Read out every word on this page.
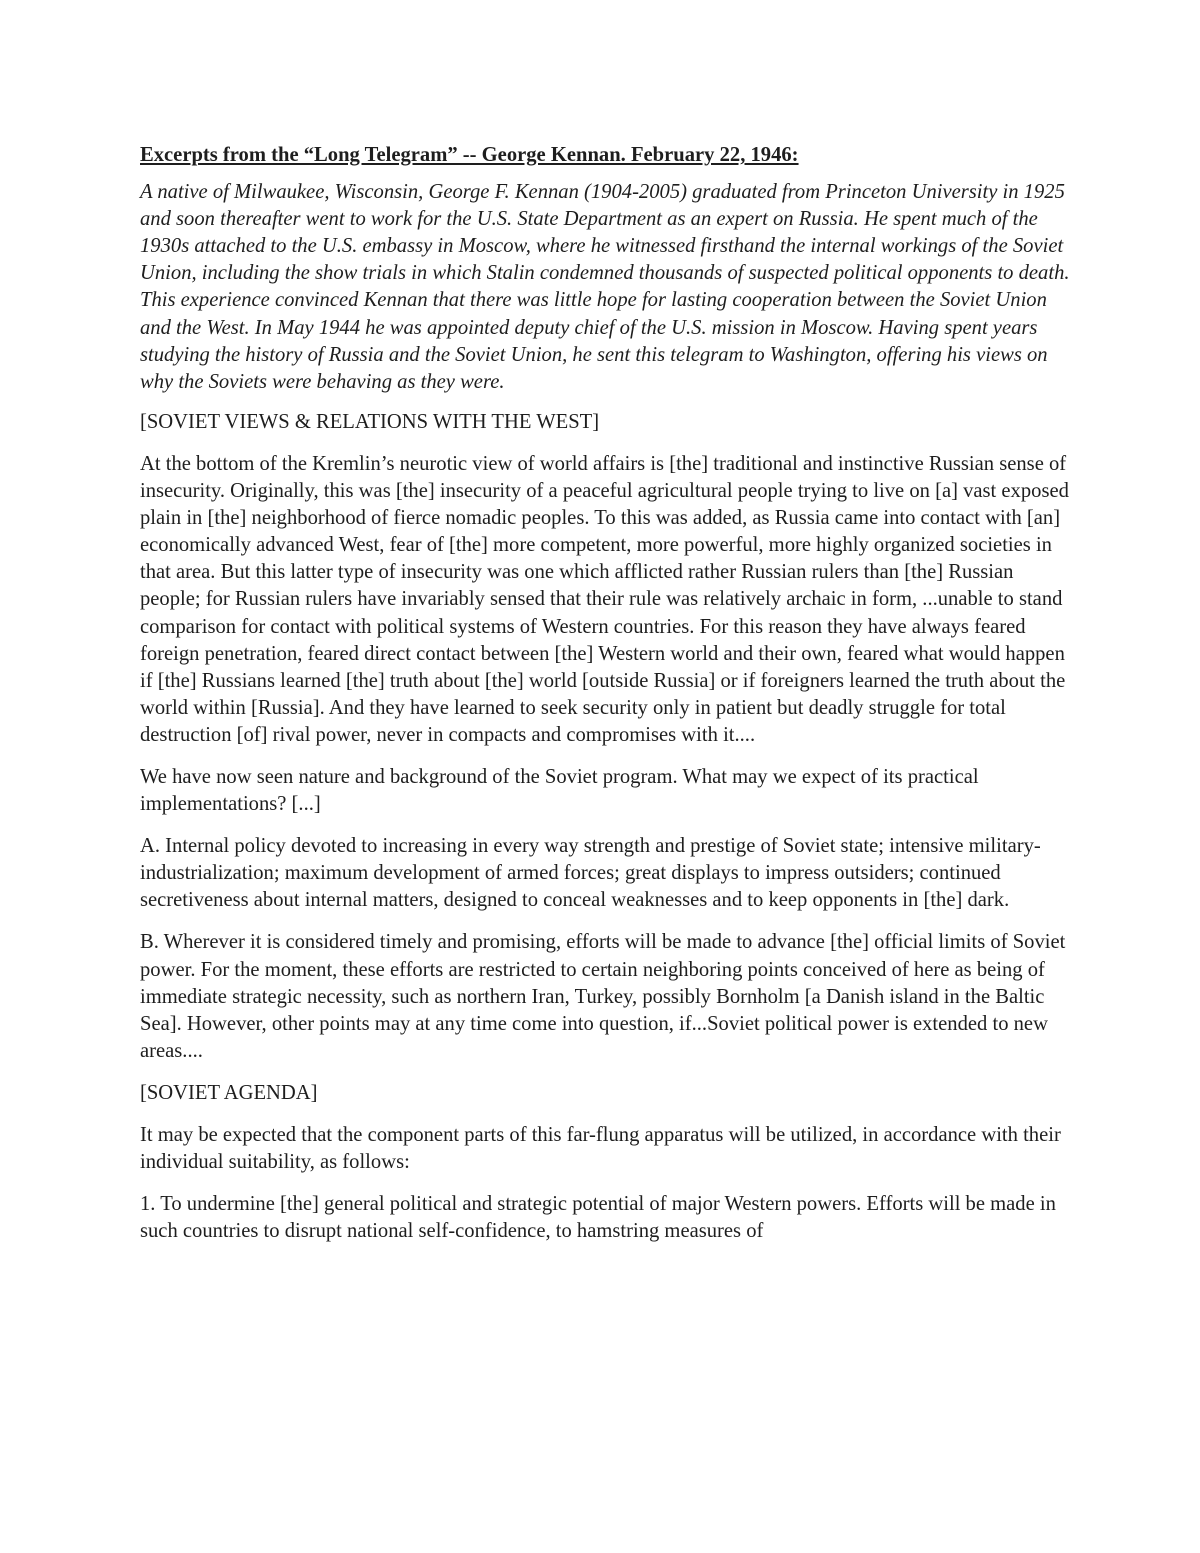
Excerpts from the “Long Telegram” -- George Kennan. February 22, 1946:

A native of Milwaukee, Wisconsin, George F. Kennan (1904-2005) graduated from Princeton University in 1925 and soon thereafter went to work for the U.S. State Department as an expert on Russia. He spent much of the 1930s attached to the U.S. embassy in Moscow, where he witnessed firsthand the internal workings of the Soviet Union, including the show trials in which Stalin condemned thousands of suspected political opponents to death. This experience convinced Kennan that there was little hope for lasting cooperation between the Soviet Union and the West. In May 1944 he was appointed deputy chief of the U.S. mission in Moscow. Having spent years studying the history of Russia and the Soviet Union, he sent this telegram to Washington, offering his views on why the Soviets were behaving as they were.

[SOVIET VIEWS & RELATIONS WITH THE WEST]

At the bottom of the Kremlin’s neurotic view of world affairs is [the] traditional and instinctive Russian sense of insecurity. Originally, this was [the] insecurity of a peaceful agricultural people trying to live on [a] vast exposed plain in [the] neighborhood of fierce nomadic peoples. To this was added, as Russia came into contact with [an] economically advanced West, fear of [the] more competent, more powerful, more highly organized societies in that area. But this latter type of insecurity was one which afflicted rather Russian rulers than [the] Russian people; for Russian rulers have invariably sensed that their rule was relatively archaic in form, ...unable to stand comparison for contact with political systems of Western countries. For this reason they have always feared foreign penetration, feared direct contact between [the] Western world and their own, feared what would happen if [the] Russians learned [the] truth about [the] world [outside Russia] or if foreigners learned the truth about the world within [Russia]. And they have learned to seek security only in patient but deadly struggle for total destruction [of] rival power, never in compacts and compromises with it....

We have now seen nature and background of the Soviet program. What may we expect of its practical implementations? [...]

A. Internal policy devoted to increasing in every way strength and prestige of Soviet state; intensive military-industrialization; maximum development of armed forces; great displays to impress outsiders; continued secretiveness about internal matters, designed to conceal weaknesses and to keep opponents in [the] dark.

B. Wherever it is considered timely and promising, efforts will be made to advance [the] official limits of Soviet power. For the moment, these efforts are restricted to certain neighboring points conceived of here as being of immediate strategic necessity, such as northern Iran, Turkey, possibly Bornholm [a Danish island in the Baltic Sea]. However, other points may at any time come into question, if...Soviet political power is extended to new areas....

[SOVIET AGENDA]

It may be expected that the component parts of this far-flung apparatus will be utilized, in accordance with their individual suitability, as follows:

1. To undermine [the] general political and strategic potential of major Western powers. Efforts will be made in such countries to disrupt national self-confidence, to hamstring measures of
